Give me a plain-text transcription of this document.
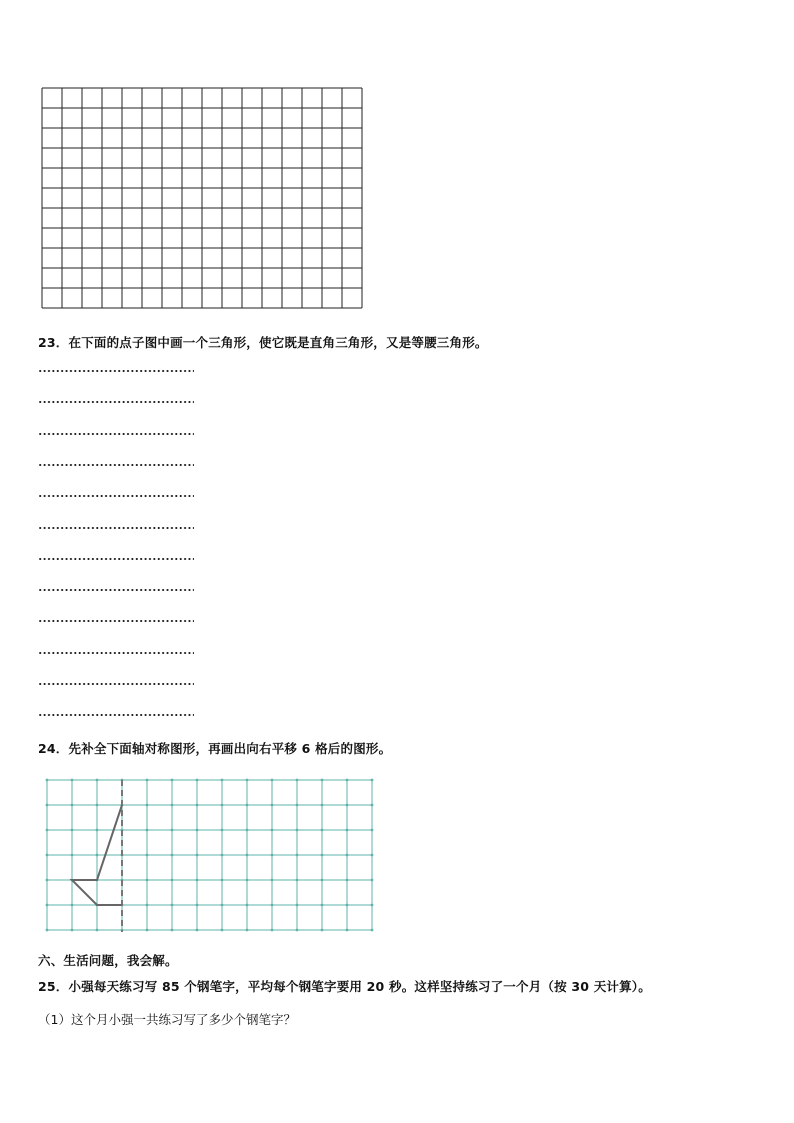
23．在下面的点子图中画一个三角形，使它既是直角三角形，又是等腰三角形。
24．先补全下面轴对称图形，再画出向右平移 6 格后的图形。
六、生活问题，我会解。
25．小强每天练习写 85 个钢笔字，平均每个钢笔字要用 20 秒。这样坚持练习了一个月（按 30 天计算）。
（1）这个月小强一共练习写了多少个钢笔字？
